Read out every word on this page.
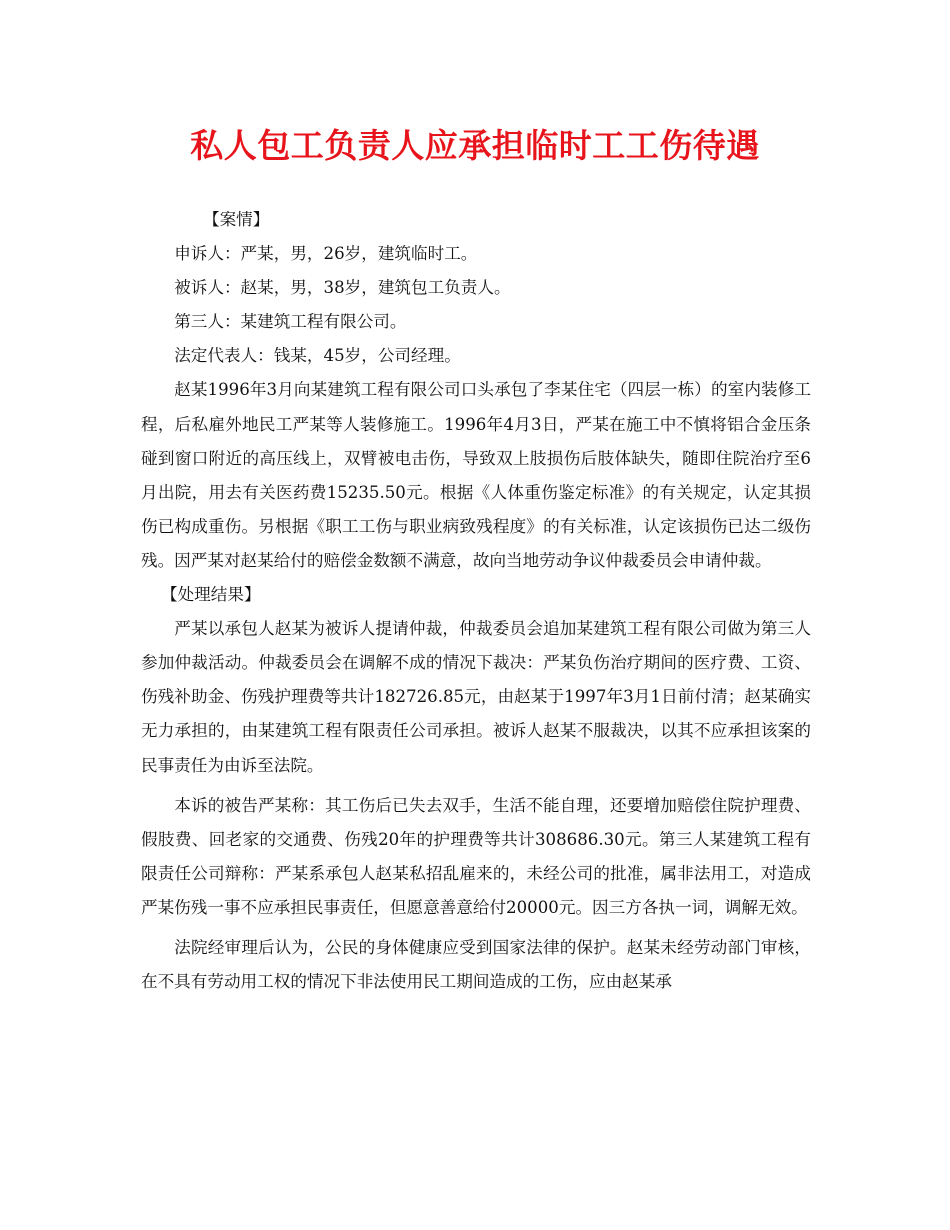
私人包工负责人应承担临时工工伤待遇

【案情】

申诉人：严某，男，26岁，建筑临时工。

被诉人：赵某，男，38岁，建筑包工负责人。

第三人：某建筑工程有限公司。

法定代表人：钱某，45岁，公司经理。

赵某1996年3月向某建筑工程有限公司口头承包了李某住宅（四层一栋）的室内装修工程，后私雇外地民工严某等人装修施工。1996年4月3日，严某在施工中不慎将铝合金压条碰到窗口附近的高压线上，双臂被电击伤，导致双上肢损伤后肢体缺失，随即住院治疗至6月出院，用去有关医药费15235.50元。根据《人体重伤鉴定标准》的有关规定，认定其损伤已构成重伤。另根据《职工工伤与职业病致残程度》的有关标准，认定该损伤已达二级伤残。因严某对赵某给付的赔偿金数额不满意，故向当地劳动争议仲裁委员会申请仲裁。

【处理结果】

严某以承包人赵某为被诉人提请仲裁，仲裁委员会追加某建筑工程有限公司做为第三人参加仲裁活动。仲裁委员会在调解不成的情况下裁决：严某负伤治疗期间的医疗费、工资、伤残补助金、伤残护理费等共计182726.85元，由赵某于1997年3月1日前付清；赵某确实无力承担的，由某建筑工程有限责任公司承担。被诉人赵某不服裁决，以其不应承担该案的民事责任为由诉至法院。

本诉的被告严某称：其工伤后已失去双手，生活不能自理，还要增加赔偿住院护理费、假肢费、回老家的交通费、伤残20年的护理费等共计308686.30元。第三人某建筑工程有限责任公司辩称：严某系承包人赵某私招乱雇来的，未经公司的批准，属非法用工，对造成严某伤残一事不应承担民事责任，但愿意善意给付20000元。因三方各执一词，调解无效。

法院经审理后认为，公民的身体健康应受到国家法律的保护。赵某未经劳动部门审核，在不具有劳动用工权的情况下非法使用民工期间造成的工伤，应由赵某承
